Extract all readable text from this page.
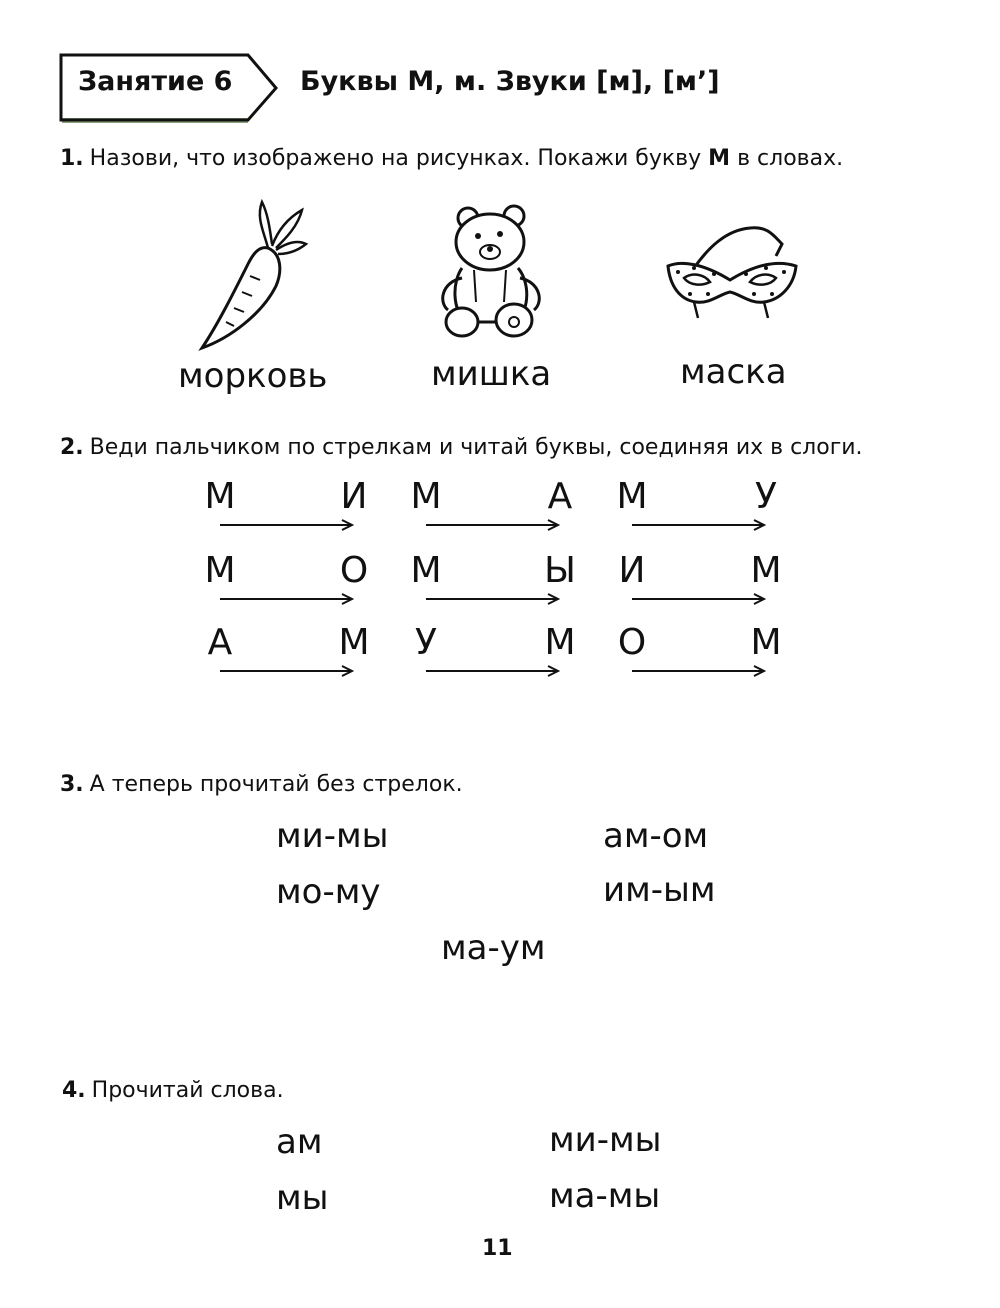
Занятие 6	Буквы М, м. Звуки [м], [м’]
1. Назови, что изображено на рисунках. Покажи букву М в словах.
морковь	мишка	маска
2. Веди пальчиком по стрелкам и читай буквы, соединяя их в слоги.
М	И М	А М	У
М	О М	Ы И	М
А	М У	М О	М
3. А теперь прочитай без стрелок.
ми-мы	ам-ом
мо-му	им-ым
ма-ум
4. Прочитай слова.
ам	ми-мы
мы	ма-мы
11
